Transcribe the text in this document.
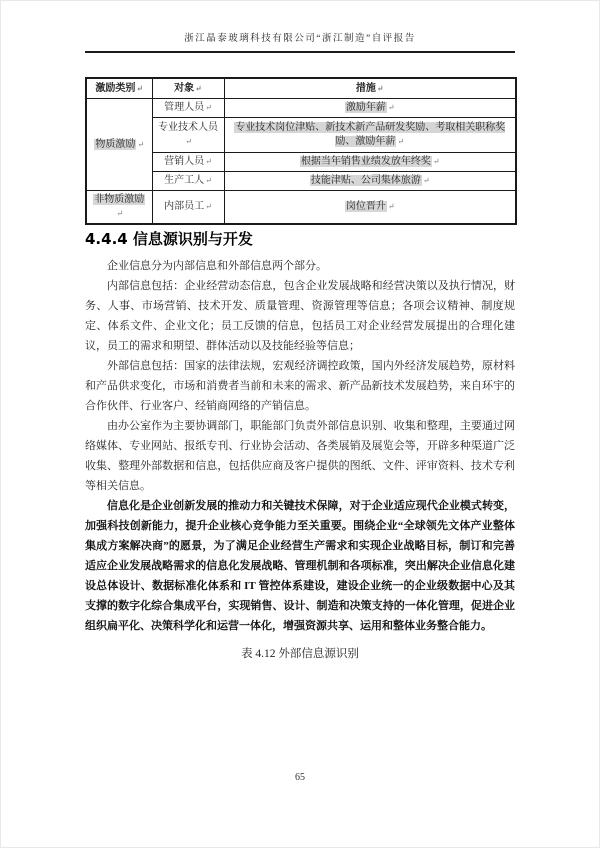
浙江晶泰玻璃科技有限公司“浙江制造”自评报告
激励类别↵	对象↵	措施↵
物质激励 ↵	管理人员↵	激励年薪 ↵
	专业技术人员↵	专业技术岗位津贴、新技术新产品研发奖励、考取相关职称奖励、激励年薪 ↵
	营销人员↵	根据当年销售业绩发放年终奖 ↵
	生产工人↵	技能津贴、公司集体旅游 ↵
非物质激励↵	内部员工↵	岗位晋升 ↵
4.4.4 信息源识别与开发

企业信息分为内部信息和外部信息两个部分。

内部信息包括：企业经营动态信息，包含企业发展战略和经营决策以及执行情况，财务、人事、市场营销、技术开发、质量管理、资源管理等信息；各项会议精神、制度规定、体系文件、企业文化；员工反馈的信息，包括员工对企业经营发展提出的合理化建议，员工的需求和期望、群体活动以及技能经验等信息；

外部信息包括：国家的法律法规，宏观经济调控政策，国内外经济发展趋势，原材料和产品供求变化，市场和消费者当前和未来的需求、新产品新技术发展趋势，来自环宇的合作伙伴、行业客户、经销商网络的产销信息。

由办公室作为主要协调部门，职能部门负责外部信息识别、收集和整理，主要通过网络媒体、专业网站、报纸专刊、行业协会活动、各类展销及展览会等，开辟多种渠道广泛收集、整理外部数据和信息，包括供应商及客户提供的图纸、文件、评审资料、技术专利等相关信息。

信息化是企业创新发展的推动力和关键技术保障，对于企业适应现代企业模式转变，加强科技创新能力，提升企业核心竞争能力至关重要。围绕企业“全球领先文体产业整体集成方案解决商”的愿景，为了满足企业经营生产需求和实现企业战略目标，制订和完善适应企业发展战略需求的信息化发展战略、管理机制和各项标准，突出解决企业信息化建设总体设计、数据标准化体系和 IT 管控体系建设，建设企业统一的企业级数据中心及其支撑的数字化综合集成平台，实现销售、设计、制造和决策支持的一体化管理，促进企业组织扁平化、决策科学化和运营一体化，增强资源共享、运用和整体业务整合能力。

表 4.12 外部信息源识别
65
